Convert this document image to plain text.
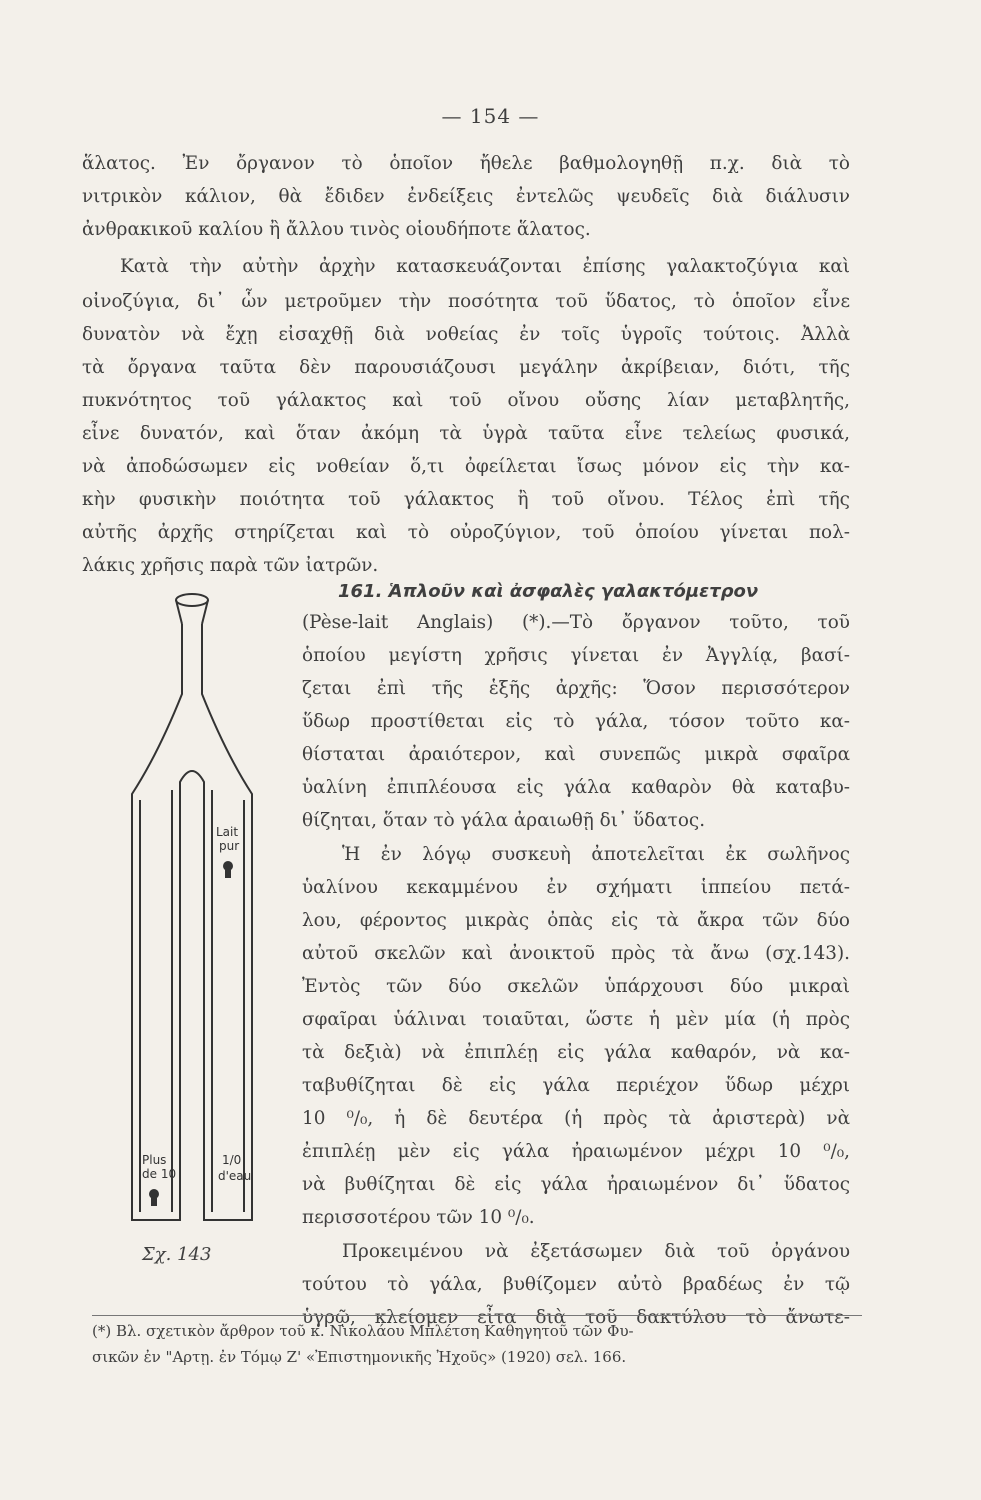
— 154 —
ἅλατος. Ἐν ὄργανον τὸ ὁποῖον ἤθελε βαθμολογηθῇ π.χ. διὰ τὸ
νιτρικὸν κάλιον, θὰ ἔδιδεν ἐνδείξεις ἐντελῶς ψευδεῖς διὰ διάλυσιν
ἀνθρακικοῦ καλίου ἢ ἄλλου τινὸς οἱουδήποτε ἅλατος.
Κατὰ τὴν αὐτὴν ἀρχὴν κατασκευάζονται ἐπίσης γαλακτοζύγια καὶ
οἰνοζύγια, δι᾽ ὧν μετροῦμεν τὴν ποσότητα τοῦ ὕδατος, τὸ ὁποῖον εἶνε
δυνατὸν νὰ ἔχῃ εἰσαχθῇ διὰ νοθείας ἐν τοῖς ὑγροῖς τούτοις. Ἀλλὰ
τὰ ὄργανα ταῦτα δὲν παρουσιάζουσι μεγάλην ἀκρίβειαν, διότι, τῆς
πυκνότητος τοῦ γάλακτος καὶ τοῦ οἴνου οὔσης λίαν μεταβλητῆς,
εἶνε δυνατόν, καὶ ὅταν ἀκόμη τὰ ὑγρὰ ταῦτα εἶνε τελείως φυσικά,
νὰ ἀποδώσωμεν εἰς νοθείαν ὅ,τι ὀφείλεται ἴσως μόνον εἰς τὴν κα-
κὴν φυσικὴν ποιότητα τοῦ γάλακτος ἢ τοῦ οἴνου. Τέλος ἐπὶ τῆς
αὐτῆς ἀρχῆς στηρίζεται καὶ τὸ οὐροζύγιον, τοῦ ὁποίου γίνεται πολ-
λάκις χρῆσις παρὰ τῶν ἰατρῶν.
161. Ἁπλοῦν καὶ ἀσφαλὲς γαλακτόμετρον
(Pèse-lait Anglais) (*).—Τὸ ὄργανον τοῦτο, τοῦ
ὁποίου μεγίστη χρῆσις γίνεται ἐν Ἀγγλίᾳ, βασί-
ζεται ἐπὶ τῆς ἑξῆς ἀρχῆς: Ὅσον περισσότερον
ὕδωρ προστίθεται εἰς τὸ γάλα, τόσον τοῦτο κα-
θίσταται ἀραιότερον, καὶ συνεπῶς μικρὰ σφαῖρα
ὑαλίνη ἐπιπλέουσα εἰς γάλα καθαρὸν θὰ καταβυ-
θίζηται, ὅταν τὸ γάλα ἀραιωθῇ δι᾽ ὕδατος.
Ἡ ἐν λόγῳ συσκευὴ ἀποτελεῖται ἐκ σωλῆνος
ὑαλίνου κεκαμμένου ἐν σχήματι ἱππείου πετά-
λου, φέροντος μικρὰς ὀπὰς εἰς τὰ ἄκρα τῶν δύο
αὐτοῦ σκελῶν καὶ ἀνοικτοῦ πρὸς τὰ ἄνω (σχ.143).
Ἐντὸς τῶν δύο σκελῶν ὑπάρχουσι δύο μικραὶ
σφαῖραι ὑάλιναι τοιαῦται, ὥστε ἡ μὲν μία (ἡ πρὸς
τὰ δεξιὰ) νὰ ἐπιπλέῃ εἰς γάλα καθαρόν, νὰ κα-
ταβυθίζηται δὲ εἰς γάλα περιέχον ὕδωρ μέχρι
10 ⁰/₀, ἡ δὲ δευτέρα (ἡ πρὸς τὰ ἀριστερὰ) νὰ
ἐπιπλέῃ μὲν εἰς γάλα ἠραιωμένον μέχρι 10 ⁰/₀,
νὰ βυθίζηται δὲ εἰς γάλα ἠραιωμένον δι᾽ ὕδατος
περισσοτέρου τῶν 10 ⁰/₀.
Προκειμένου νὰ ἐξετάσωμεν διὰ τοῦ ὀργάνου
τούτου τὸ γάλα, βυθίζομεν αὐτὸ βραδέως ἐν τῷ
ὑγρῷ, κλείομεν εἶτα διὰ τοῦ δακτύλου τὸ ἄνωτε-
Lait
pur
Plus
de 10
1/0
d'eau
Σχ. 143
(*) Βλ. σχετικὸν ἄρθρον τοῦ κ. Νικολάου Μπλέτση Καθηγητοῦ τῶν Φυ-
σικῶν ἐν "Αρτῃ. ἐν Τόμῳ Ζ' «Ἐπιστημονικῆς Ἠχοῦς» (1920) σελ. 166.
